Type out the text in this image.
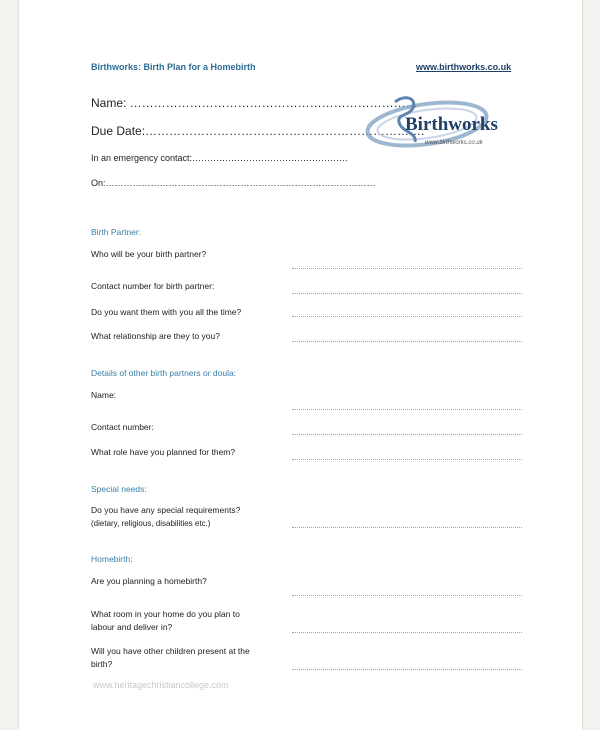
Birthworks: Birth Plan for a Homebirth	www.birthworks.co.uk
Name: ………………………………………………………………
Due Date:…………………………………………………………….
In an emergency contact:…………………………………………….
On:………………………………………………………………………………
Birthworks
www.birthworks.co.uk
Birth Partner:
Who will be your birth partner?
Contact number for birth partner:
Do you want them with you all the time?
What relationship are they to you?
Details of other birth partners or doula:
Name:
Contact number:
What role have you planned for them?
Special needs:
Do you have any special requirements?
(dietary, religious, disabilities etc.)
Homebirth:
Are you planning a homebirth?
What room in your home do you plan to
labour and deliver in?
Will you have other children present at the
birth?
www.heritagechristiancollege.com
